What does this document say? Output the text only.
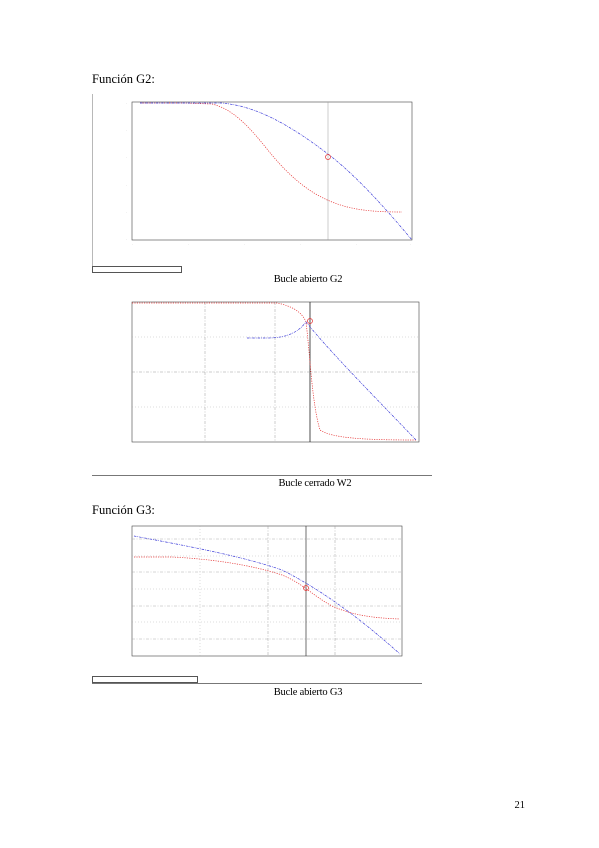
Función G2:
·
·
·
·
·
·
·	·	·	·	·	·
Bucle abierto G2
Bucle cerrado W2
Función G3:
Bucle abierto G3
21
